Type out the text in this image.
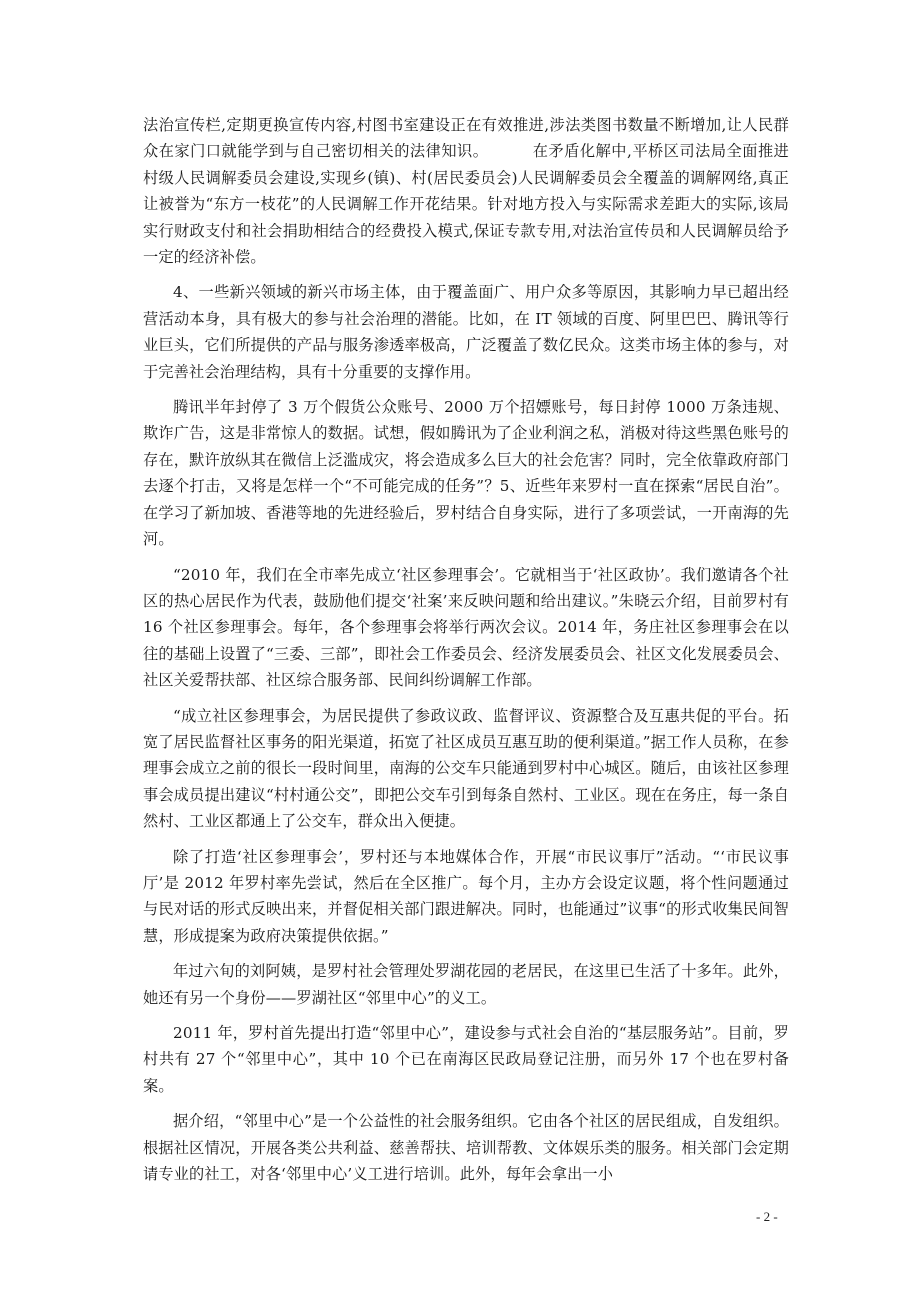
法治宣传栏,定期更换宣传内容,村图书室建设正在有效推进,涉法类图书数量不断增加,让人民群众在家门口就能学到与自己密切相关的法律知识。	在矛盾化解中,平桥区司法局全面推进村级人民调解委员会建设,实现乡(镇)、村(居民委员会)人民调解委员会全覆盖的调解网络,真正让被誉为“东方一枝花”的人民调解工作开花结果。针对地方投入与实际需求差距大的实际,该局实行财政支付和社会捐助相结合的经费投入模式,保证专款专用,对法治宣传员和人民调解员给予一定的经济补偿。

4、一些新兴领域的新兴市场主体，由于覆盖面广、用户众多等原因，其影响力早已超出经营活动本身，具有极大的参与社会治理的潜能。比如，在 IT 领域的百度、阿里巴巴、腾讯等行业巨头，它们所提供的产品与服务渗透率极高，广泛覆盖了数亿民众。这类市场主体的参与，对于完善社会治理结构，具有十分重要的支撑作用。

腾讯半年封停了 3 万个假货公众账号、2000 万个招嫖账号，每日封停 1000 万条违规、欺诈广告，这是非常惊人的数据。试想，假如腾讯为了企业利润之私，消极对待这些黑色账号的存在，默许放纵其在微信上泛滥成灾，将会造成多么巨大的社会危害？同时，完全依靠政府部门去逐个打击，又将是怎样一个“不可能完成的任务”？5、近些年来罗村一直在探索“居民自治”。在学习了新加坡、香港等地的先进经验后，罗村结合自身实际，进行了多项尝试，一开南海的先河。

“2010 年，我们在全市率先成立‘社区参理事会’。它就相当于‘社区政协’。我们邀请各个社区的热心居民作为代表，鼓励他们提交‘社案’来反映问题和给出建议。”朱晓云介绍，目前罗村有 16 个社区参理事会。每年，各个参理事会将举行两次会议。2014 年，务庄社区参理事会在以往的基础上设置了“三委、三部”，即社会工作委员会、经济发展委员会、社区文化发展委员会、社区关爱帮扶部、社区综合服务部、民间纠纷调解工作部。

“成立社区参理事会，为居民提供了参政议政、监督评议、资源整合及互惠共促的平台。拓宽了居民监督社区事务的阳光渠道，拓宽了社区成员互惠互助的便利渠道。”据工作人员称，在参理事会成立之前的很长一段时间里，南海的公交车只能通到罗村中心城区。随后，由该社区参理事会成员提出建议“村村通公交”，即把公交车引到每条自然村、工业区。现在在务庄，每一条自然村、工业区都通上了公交车，群众出入便捷。

除了打造‘社区参理事会’，罗村还与本地媒体合作，开展“市民议事厅”活动。“‘市民议事厅’是 2012 年罗村率先尝试，然后在全区推广。每个月，主办方会设定议题，将个性问题通过与民对话的形式反映出来，并督促相关部门跟进解决。同时，也能通过”议事“的形式收集民间智慧，形成提案为政府决策提供依据。”

年过六旬的刘阿姨，是罗村社会管理处罗湖花园的老居民，在这里已生活了十多年。此外，她还有另一个身份——罗湖社区“邻里中心”的义工。

2011 年，罗村首先提出打造“邻里中心”，建设参与式社会自治的“基层服务站”。目前，罗村共有 27 个“邻里中心”，其中 10 个已在南海区民政局登记注册，而另外 17 个也在罗村备案。

据介绍，“邻里中心”是一个公益性的社会服务组织。它由各个社区的居民组成，自发组织。根据社区情况，开展各类公共利益、慈善帮扶、培训帮教、文体娱乐类的服务。相关部门会定期请专业的社工，对各‘邻里中心’义工进行培训。此外，每年会拿出一小

- 2 -
